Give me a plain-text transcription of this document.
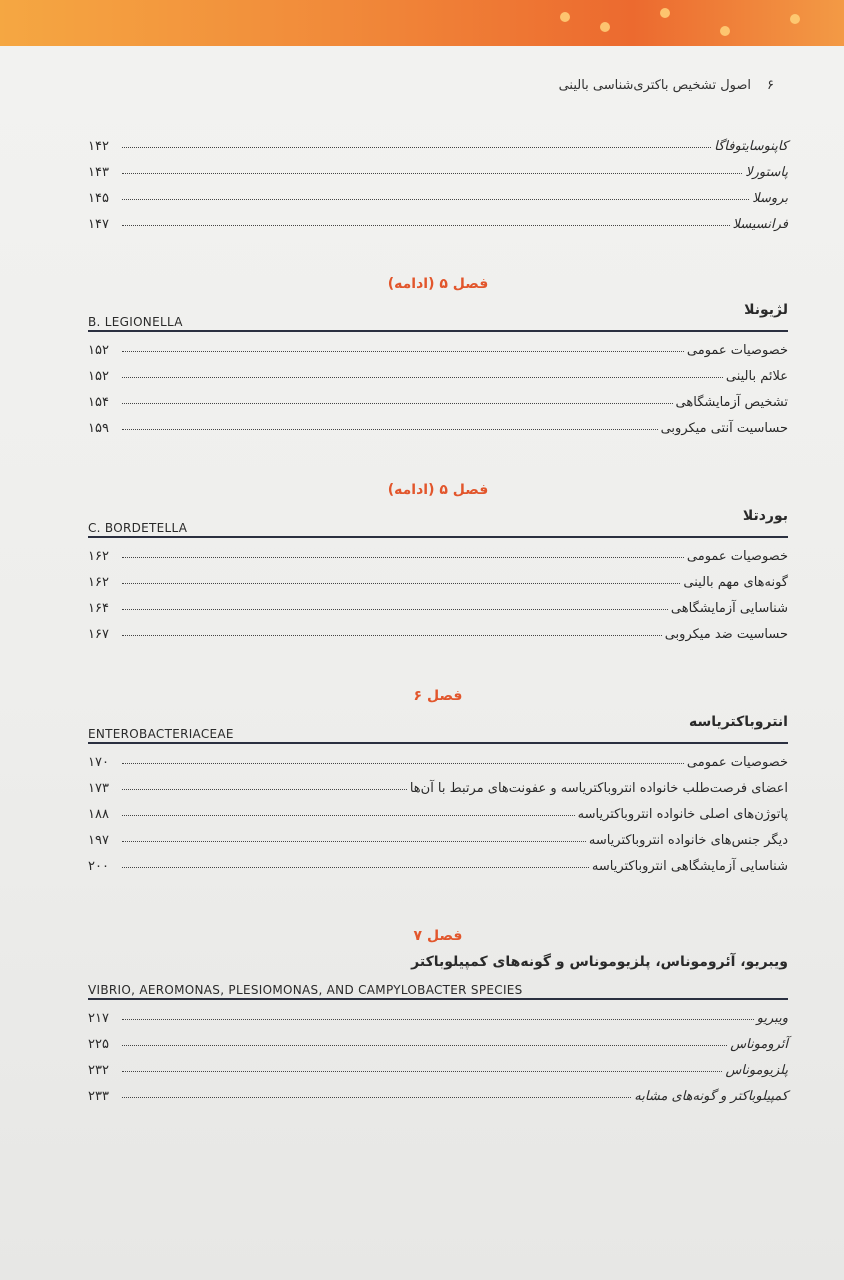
۶
اصول تشخیص باکتری‌شناسی بالینی
کاپنوسایتوفاگا
۱۴۲
پاستورلا
۱۴۳
بروسلا
۱۴۵
فرانسیسلا
۱۴۷
فصل ۵ (ادامه)
لژیونلا
B. LEGIONELLA
خصوصیات عمومی
۱۵۲
علائم بالینی
۱۵۲
تشخیص آزمایشگاهی
۱۵۴
حساسیت آنتی میکروبی
۱۵۹
فصل ۵ (ادامه)
بوردتلا
C. BORDETELLA
خصوصیات عمومی
۱۶۲
گونه‌های مهم بالینی
۱۶۲
شناسایی آزمایشگاهی
۱۶۴
حساسیت ضد میکروبی
۱۶۷
فصل ۶
انتروباکتریاسه
ENTEROBACTERIACEAE
خصوصیات عمومی
۱۷۰
اعضای فرصت‌طلب خانواده انتروباکتریاسه و عفونت‌های مرتبط با آن‌ها
۱۷۳
پاتوژن‌های اصلی خانواده انتروباکتریاسه
۱۸۸
دیگر جنس‌های خانواده انتروباکتریاسه
۱۹۷
شناسایی آزمایشگاهی انتروباکتریاسه
۲۰۰
فصل ۷
ویبریو، آئروموناس، پلزیوموناس و گونه‌های کمپیلوباکتر
VIBRIO, AEROMONAS, PLESIOMONAS, AND CAMPYLOBACTER SPECIES
ویبریو
۲۱۷
آئروموناس
۲۲۵
پلزیوموناس
۲۳۲
کمپیلوباکتر و گونه‌های مشابه
۲۳۳
